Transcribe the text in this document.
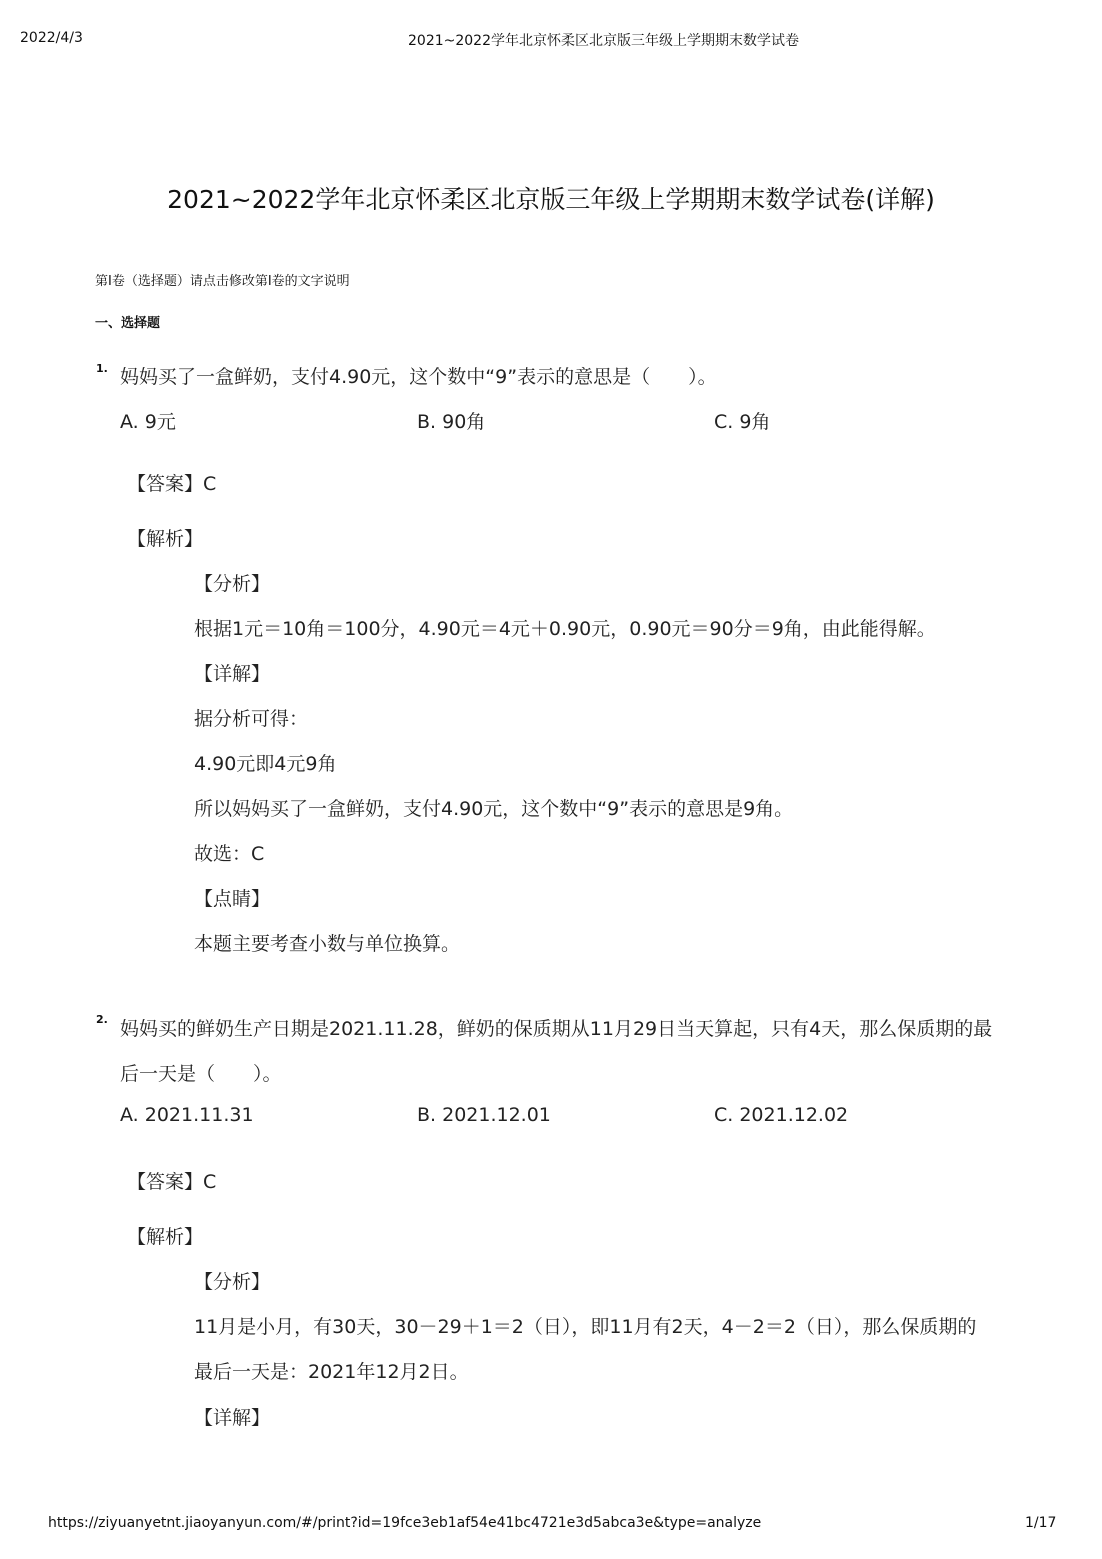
2022/4/3	2021~2022学年北京怀柔区北京版三年级上学期期末数学试卷
2021~2022学年北京怀柔区北京版三年级上学期期末数学试卷(详解)
第Ⅰ卷（选择题）请点击修改第Ⅰ卷的文字说明
一、选择题
1. 妈妈买了一盒鲜奶，支付4.90元，这个数中“9”表示的意思是（　　）。
A. 9元	B. 90角	C. 9角
【答案】C
【解析】
【分析】
根据1元＝10角＝100分，4.90元＝4元＋0.90元，0.90元＝90分＝9角，由此能得解。
【详解】
据分析可得：
4.90元即4元9角
所以妈妈买了一盒鲜奶，支付4.90元，这个数中“9”表示的意思是9角。
故选：C
【点睛】
本题主要考查小数与单位换算。
2. 妈妈买的鲜奶生产日期是2021.11.28，鲜奶的保质期从11月29日当天算起，只有4天，那么保质期的最
后一天是（　　）。
A. 2021.11.31	B. 2021.12.01	C. 2021.12.02
【答案】C
【解析】
【分析】
11月是小月，有30天，30－29＋1＝2（日），即11月有2天，4－2＝2（日），那么保质期的
最后一天是：2021年12月2日。
【详解】
https://ziyuanyetnt.jiaoyanyun.com/#/print?id=19fce3eb1af54e41bc4721e3d5abca3e&type=analyze	1/17
